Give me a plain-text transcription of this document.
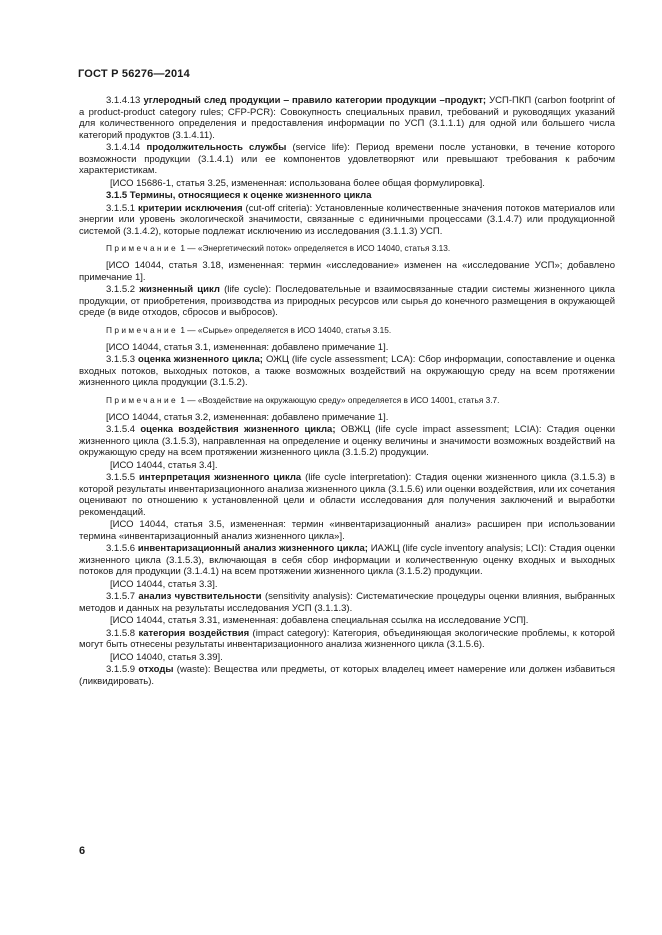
ГОСТ Р 56276—2014

3.1.4.13 углеродный след продукции ‒ правило категории продукции –продукт; УСП-ПКП (carbon footprint of a product-product category rules; CFP-PCR): Совокупность специальных правил, требований и руководящих указаний для количественного определения и предоставления информации по УСП (3.1.1.1) для одной или большего числа категорий продуктов (3.1.4.11).

3.1.4.14 продолжительность службы (service life): Период времени после установки, в течение которого возможности продукции (3.1.4.1) или ее компонентов удовлетворяют или превышают требования к рабочим характеристикам.

[ИСО 15686-1, статья 3.25, измененная: использована более общая формулировка].

3.1.5 Термины, относящиеся к оценке жизненного цикла

3.1.5.1 критерии исключения (cut-off criteria): Установленные количественные значения потоков материалов или энергии или уровень экологической значимости, связанные с единичными процессами (3.1.4.7) или продукционной системой (3.1.4.2), которые подлежат исключению из исследования (3.1.1.3) УСП.

Примечание 1 — «Энергетический поток» определяется в ИСО 14040, статья 3.13.

[ИСО 14044, статья 3.18, измененная: термин «исследование» изменен на «исследование УСП»; добавлено примечание 1].

3.1.5.2 жизненный цикл (life cycle): Последовательные и взаимосвязанные стадии системы жизненного цикла продукции, от приобретения, производства из природных ресурсов или сырья до конечного размещения в окружающей среде (в виде отходов, сбросов и выбросов).

Примечание 1 — «Сырье» определяется в ИСО 14040, статья 3.15.

[ИСО 14044, статья 3.1, измененная: добавлено примечание 1].

3.1.5.3 оценка жизненного цикла; ОЖЦ (life cycle assessment; LCA): Сбор информации, сопоставление и оценка входных потоков, выходных потоков, а также возможных воздействий на окружающую среду на всем протяжении жизненного цикла продукции (3.1.5.2).

Примечание 1 — «Воздействие на окружающую среду» определяется в ИСО 14001, статья 3.7.

[ИСО 14044, статья 3.2, измененная: добавлено примечание 1].

3.1.5.4 оценка воздействия жизненного цикла; ОВЖЦ (life cycle impact assessment; LCIA): Стадия оценки жизненного цикла (3.1.5.3), направленная на определение и оценку величины и значимости возможных воздействий на окружающую среду на всем протяжении жизненного цикла (3.1.5.2) продукции.

[ИСО 14044, статья 3.4].

3.1.5.5 интерпретация жизненного цикла (life cycle interpretation): Стадия оценки жизненного цикла (3.1.5.3) в которой результаты инвентаризационного анализа жизненного цикла (3.1.5.6) или оценки воздействия, или их сочетания оценивают по отношению к установленной цели и области исследования для получения заключений и выработки рекомендаций.

[ИСО 14044, статья 3.5, измененная: термин «инвентаризационный анализ» расширен при использовании термина «инвентаризационный анализ жизненного цикла»].

3.1.5.6 инвентаризационный анализ жизненного цикла; ИАЖЦ (life cycle inventory analysis; LCI): Стадия оценки жизненного цикла (3.1.5.3), включающая в себя сбор информации и количественную оценку входных и выходных потоков для продукции (3.1.4.1) на всем протяжении жизненного цикла (3.1.5.2) продукции.

[ИСО 14044, статья 3.3].

3.1.5.7 анализ чувствительности (sensitivity analysis): Систематические процедуры оценки влияния, выбранных методов и данных на результаты исследования УСП (3.1.1.3).

[ИСО 14044, статья 3.31, измененная: добавлена специальная ссылка на исследование УСП].

3.1.5.8 категория воздействия (impact category): Категория, объединяющая экологические проблемы, к которой могут быть отнесены результаты инвентаризационного анализа жизненного цикла (3.1.5.6).

[ИСО 14040, статья 3.39].

3.1.5.9 отходы (waste): Вещества или предметы, от которых владелец имеет намерение или должен избавиться (ликвидировать).

6
